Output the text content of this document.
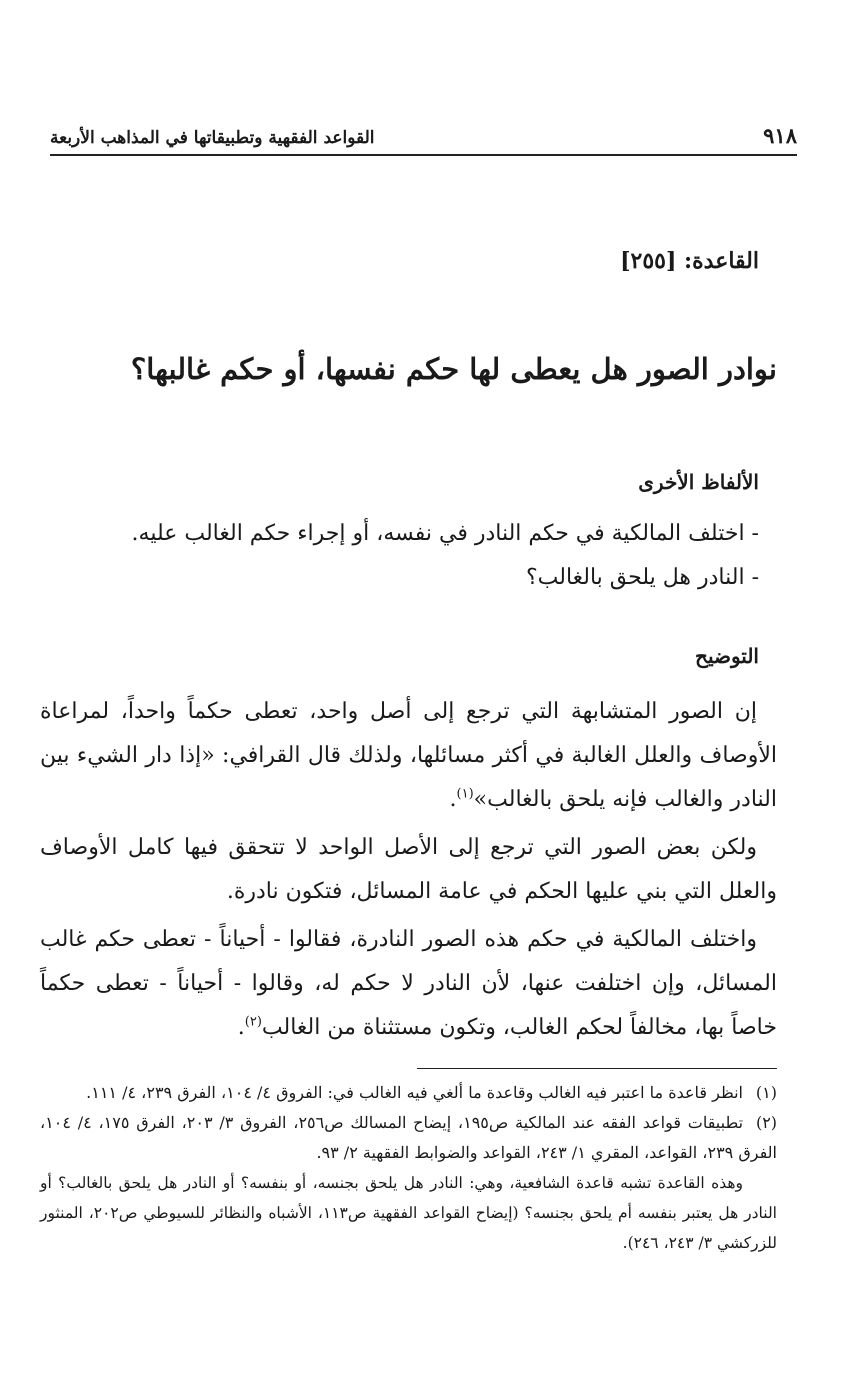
٩١٨
القواعد الفقهية وتطبيقاتها في المذاهب الأربعة
القاعدة: [٢٥٥]
نوادر الصور هل يعطى لها حكم نفسها، أو حكم غالبها؟
الألفاظ الأخرى
- اختلف المالكية في حكم النادر في نفسه، أو إجراء حكم الغالب عليه.
- النادر هل يلحق بالغالب؟
التوضيح

إن الصور المتشابهة التي ترجع إلى أصل واحد، تعطى حكماً واحداً، لمراعاة الأوصاف والعلل الغالبة في أكثر مسائلها، ولذلك قال القرافي: «إذا دار الشيء بين النادر والغالب فإنه يلحق بالغالب»$^{(١)}$.

ولكن بعض الصور التي ترجع إلى الأصل الواحد لا تتحقق فيها كامل الأوصاف والعلل التي بني عليها الحكم في عامة المسائل، فتكون نادرة.

واختلف المالكية في حكم هذه الصور النادرة، فقالوا - أحياناً - تعطى حكم غالب المسائل، وإن اختلفت عنها، لأن النادر لا حكم له، وقالوا - أحياناً - تعطى حكماً خاصاً بها، مخالفاً لحكم الغالب، وتكون مستثناة من الغالب$^{(٢)}$.

(١)انظر قاعدة ما اعتبر فيه الغالب وقاعدة ما ألغي فيه الغالب في: الفروق ٤/ ١٠٤، الفرق ٢٣٩، ٤/ ١١١.
(٢)تطبيقات قواعد الفقه عند المالكية ص١٩٥، إيضاح المسالك ص٢٥٦، الفروق ٣/ ٢٠٣، الفرق ١٧٥، ٤/ ١٠٤، الفرق ٢٣٩، القواعد، المقري ١/ ٢٤٣، القواعد والضوابط الفقهية ٢/ ٩٣.
وهذه القاعدة تشبه قاعدة الشافعية، وهي: النادر هل يلحق بجنسه، أو بنفسه؟ أو النادر هل يلحق بالغالب؟ أو النادر هل يعتبر بنفسه أم يلحق بجنسه؟ (إيضاح القواعد الفقهية ص١١٣، الأشباه والنظائر للسيوطي ص٢٠٢، المنثور للزركشي ٣/ ٢٤٣، ٢٤٦).
